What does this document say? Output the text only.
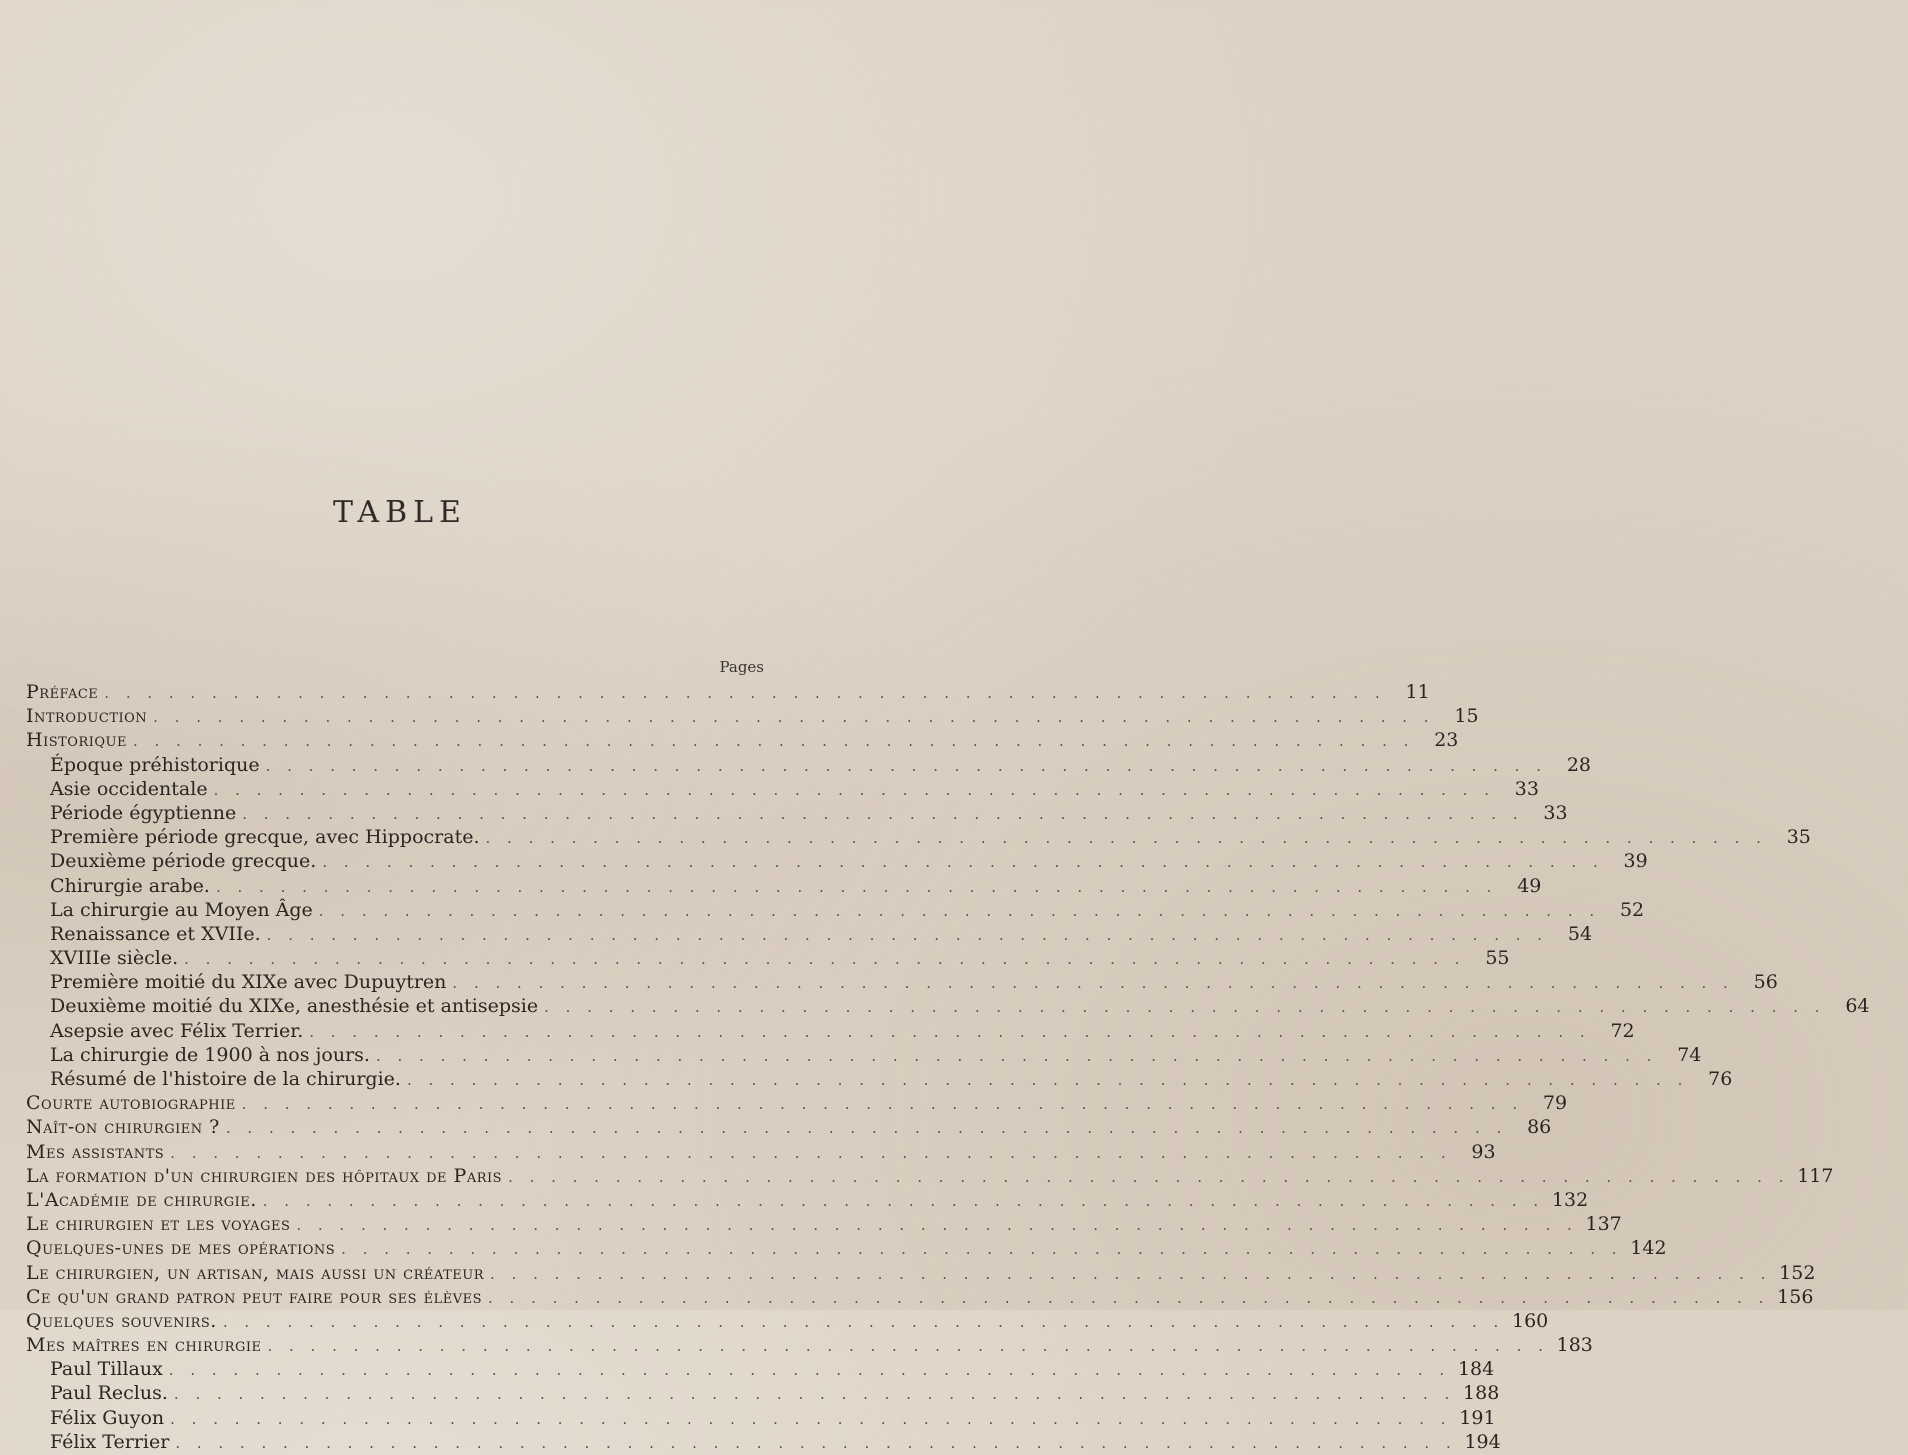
TABLE
Pages
Préface . . . . . . . . . . . . . . . . . . . . . . . . . . . . . . . . . . . . . . . . . . . . . . . . . . . . . . . . . . . .	11
Introduction . . . . . . . . . . . . . . . . . . . . . . . . . . . . . . . . . . . . . . . . . . . . . . . . . . . . . . . . . . . .	15
Historique . . . . . . . . . . . . . . . . . . . . . . . . . . . . . . . . . . . . . . . . . . . . . . . . . . . . . . . . . . . .	23
Époque préhistorique . . . . . . . . . . . . . . . . . . . . . . . . . . . . . . . . . . . . . . . . . . . . . . . . . . . . . . . . . . . .	28
Asie occidentale . . . . . . . . . . . . . . . . . . . . . . . . . . . . . . . . . . . . . . . . . . . . . . . . . . . . . . . . . . . .	33
Période égyptienne . . . . . . . . . . . . . . . . . . . . . . . . . . . . . . . . . . . . . . . . . . . . . . . . . . . . . . . . . . . .	33
Première période grecque, avec Hippocrate. . . . . . . . . . . . . . . . . . . . . . . . . . . . . . . . . . . . . . . . . . . . . . . . . . . . . . . . . . . . .	35
Deuxième période grecque. . . . . . . . . . . . . . . . . . . . . . . . . . . . . . . . . . . . . . . . . . . . . . . . . . . . . . . . . . . . .	39
Chirurgie arabe. . . . . . . . . . . . . . . . . . . . . . . . . . . . . . . . . . . . . . . . . . . . . . . . . . . . . . . . . . . . .	49
La chirurgie au Moyen Âge . . . . . . . . . . . . . . . . . . . . . . . . . . . . . . . . . . . . . . . . . . . . . . . . . . . . . . . . . . . .	52
Renaissance et XVIIe. . . . . . . . . . . . . . . . . . . . . . . . . . . . . . . . . . . . . . . . . . . . . . . . . . . . . . . . . . . . .	54
XVIIIe siècle. . . . . . . . . . . . . . . . . . . . . . . . . . . . . . . . . . . . . . . . . . . . . . . . . . . . . . . . . . . . .	55
Première moitié du XIXe avec Dupuytren . . . . . . . . . . . . . . . . . . . . . . . . . . . . . . . . . . . . . . . . . . . . . . . . . . . . . . . . . . . .	56
Deuxième moitié du XIXe, anesthésie et antisepsie . . . . . . . . . . . . . . . . . . . . . . . . . . . . . . . . . . . . . . . . . . . . . . . . . . . . . . . . . . . .	64
Asepsie avec Félix Terrier. . . . . . . . . . . . . . . . . . . . . . . . . . . . . . . . . . . . . . . . . . . . . . . . . . . . . . . . . . . . .	72
La chirurgie de 1900 à nos jours. . . . . . . . . . . . . . . . . . . . . . . . . . . . . . . . . . . . . . . . . . . . . . . . . . . . . . . . . . . . .	74
Résumé de l'histoire de la chirurgie. . . . . . . . . . . . . . . . . . . . . . . . . . . . . . . . . . . . . . . . . . . . . . . . . . . . . . . . . . . . .	76
Courte autobiographie . . . . . . . . . . . . . . . . . . . . . . . . . . . . . . . . . . . . . . . . . . . . . . . . . . . . . . . . . . . .	79
Naît-on chirurgien ? . . . . . . . . . . . . . . . . . . . . . . . . . . . . . . . . . . . . . . . . . . . . . . . . . . . . . . . . . . . .	86
Mes assistants . . . . . . . . . . . . . . . . . . . . . . . . . . . . . . . . . . . . . . . . . . . . . . . . . . . . . . . . . . . .	93
La formation d'un chirurgien des hôpitaux de Paris . . . . . . . . . . . . . . . . . . . . . . . . . . . . . . . . . . . . . . . . . . . . . . . . . . . . . . . . . . . . 117
L'Académie de chirurgie. . . . . . . . . . . . . . . . . . . . . . . . . . . . . . . . . . . . . . . . . . . . . . . . . . . . . . . . . . . . . 132
Le chirurgien et les voyages . . . . . . . . . . . . . . . . . . . . . . . . . . . . . . . . . . . . . . . . . . . . . . . . . . . . . . . . . . . . 137
Quelques-unes de mes opérations . . . . . . . . . . . . . . . . . . . . . . . . . . . . . . . . . . . . . . . . . . . . . . . . . . . . . . . . . . . . 142
Le chirurgien, un artisan, mais aussi un créateur . . . . . . . . . . . . . . . . . . . . . . . . . . . . . . . . . . . . . . . . . . . . . . . . . . . . . . . . . . . . 152
Ce qu'un grand patron peut faire pour ses élèves . . . . . . . . . . . . . . . . . . . . . . . . . . . . . . . . . . . . . . . . . . . . . . . . . . . . . . . . . . . . 156
Quelques souvenirs. . . . . . . . . . . . . . . . . . . . . . . . . . . . . . . . . . . . . . . . . . . . . . . . . . . . . . . . . . . . . 160
Mes maîtres en chirurgie . . . . . . . . . . . . . . . . . . . . . . . . . . . . . . . . . . . . . . . . . . . . . . . . . . . . . . . . . . . . 183
Paul Tillaux . . . . . . . . . . . . . . . . . . . . . . . . . . . . . . . . . . . . . . . . . . . . . . . . . . . . . . . . . . . . 184
Paul Reclus. . . . . . . . . . . . . . . . . . . . . . . . . . . . . . . . . . . . . . . . . . . . . . . . . . . . . . . . . . . . . 188
Félix Guyon . . . . . . . . . . . . . . . . . . . . . . . . . . . . . . . . . . . . . . . . . . . . . . . . . . . . . . . . . . . . 191
Félix Terrier . . . . . . . . . . . . . . . . . . . . . . . . . . . . . . . . . . . . . . . . . . . . . . . . . . . . . . . . . . . . 194
